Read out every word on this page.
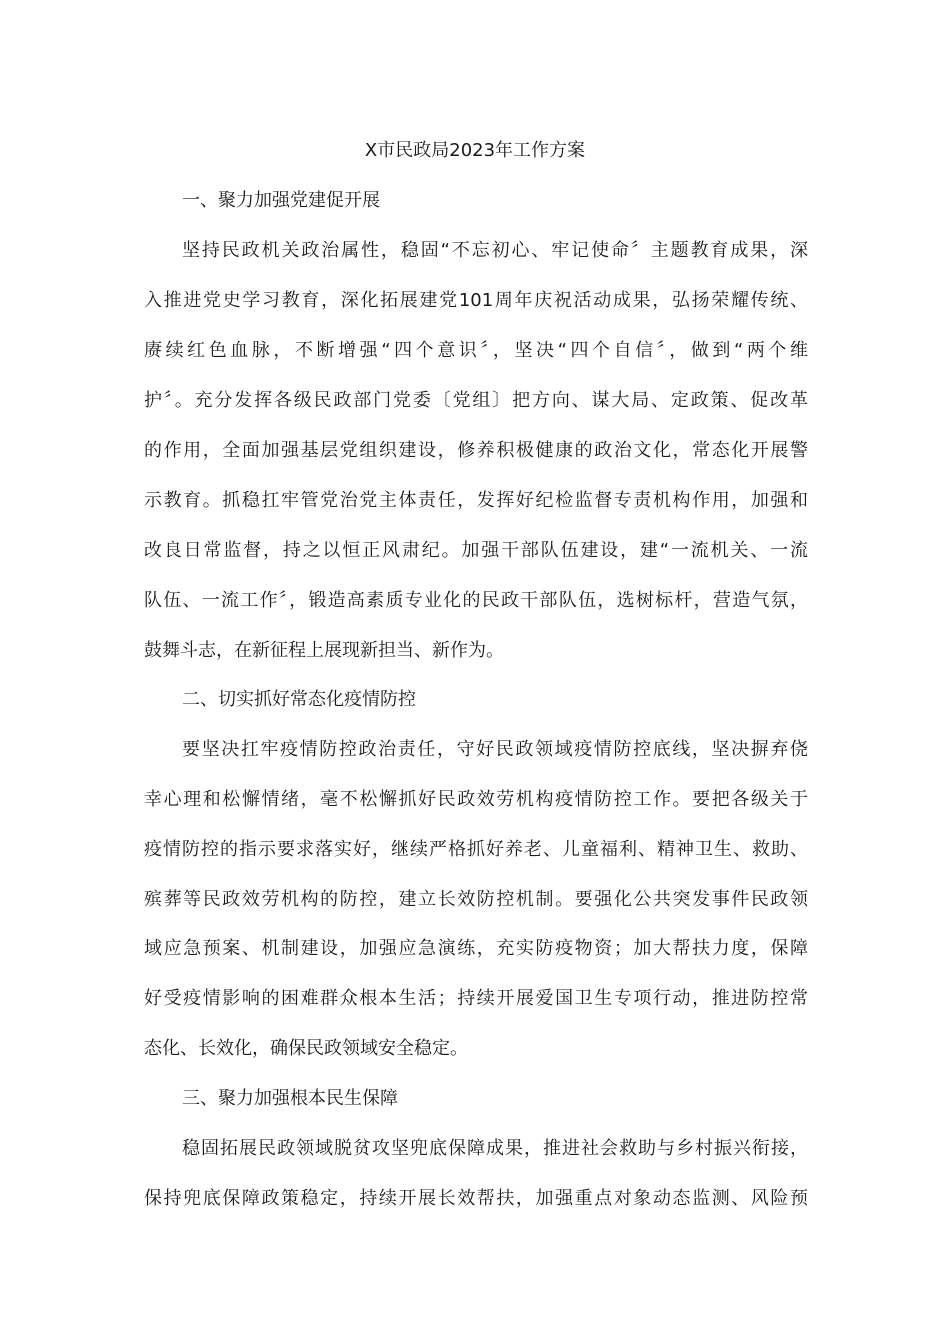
X市民政局2023年工作方案
一、聚力加强党建促开展
坚持民政机关政治属性，稳固“不忘初心、牢记使命〞主题教育成果，深
入推进党史学习教育，深化拓展建党101周年庆祝活动成果，弘扬荣耀传统、
赓续红色血脉，不断增强“四个意识〞，坚决“四个自信〞，做到“两个维
护〞。充分发挥各级民政部门党委〔党组〕把方向、谋大局、定政策、促改革
的作用，全面加强基层党组织建设，修养积极健康的政治文化，常态化开展警
示教育。抓稳扛牢管党治党主体责任，发挥好纪检监督专责机构作用，加强和
改良日常监督，持之以恒正风肃纪。加强干部队伍建设，建“一流机关、一流
队伍、一流工作〞，锻造高素质专业化的民政干部队伍，选树标杆，营造气氛，
鼓舞斗志，在新征程上展现新担当、新作为。
二、切实抓好常态化疫情防控
要坚决扛牢疫情防控政治责任，守好民政领域疫情防控底线，坚决摒弃侥
幸心理和松懈情绪，毫不松懈抓好民政效劳机构疫情防控工作。要把各级关于
疫情防控的指示要求落实好，继续严格抓好养老、儿童福利、精神卫生、救助、
殡葬等民政效劳机构的防控，建立长效防控机制。要强化公共突发事件民政领
域应急预案、机制建设，加强应急演练，充实防疫物资；加大帮扶力度，保障
好受疫情影响的困难群众根本生活；持续开展爱国卫生专项行动，推进防控常
态化、长效化，确保民政领域安全稳定。
三、聚力加强根本民生保障
稳固拓展民政领域脱贫攻坚兜底保障成果，推进社会救助与乡村振兴衔接，
保持兜底保障政策稳定，持续开展长效帮扶，加强重点对象动态监测、风险预
